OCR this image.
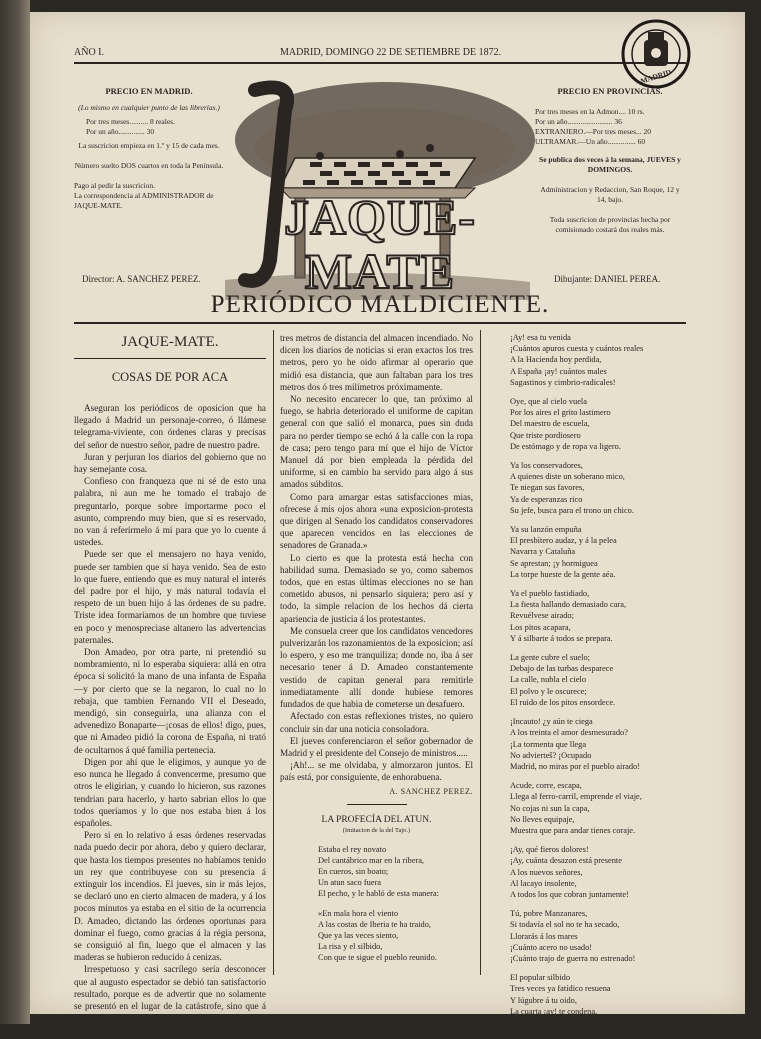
AÑO I.	MADRID, DOMINGO 22 DE SETIEMBRE DE 1872.
MADRID
PRECIO EN MADRID.
(Lo mismo en cualquier punto de las librerías.)
Por tres meses.......... 8 reales.
Por un año.............. 30
La suscricion empieza en 1.º y 15 de cada mes.
Número suelto DOS cuartos en toda la Península.
Pago al pedir la suscricion.
La correspondencia al ADMINISTRADOR de JAQUE-MATE.	JAQUE-MATE
PRECIO EN PROVINCIAS.
Por tres meses en la Admon.... 10 rs.
Por un año........................ 36
EXTRANJERO.—Por tres meses... 20
ULTRAMAR.—Un año............... 60
Se publica dos veces á la semana, JUEVES y DOMINGOS.
Administracion y Redaccion, San Roque, 12 y 14, bajo.
Toda suscricion de provincias hecha por comisionado costará dos reales más.
Director: A. SANCHEZ PEREZ.	Dibujante: DANIEL PEREA.
PERIÓDICO MALDICIENTE.
JAQUE-MATE.
COSAS DE POR ACA

Aseguran los periódicos de oposicion que ha llegado á Madrid un personaje-correo, ó llámese telegrama-viviente, con órdenes claras y precisas del señor de nuestro señor, padre de nuestro padre.

Juran y perjuran los diarios del gobierno que no hay semejante cosa.

Confieso con franqueza que ni sé de esto una palabra, ni aun me he tomado el trabajo de preguntarlo, porque sobre importarme poco el asunto, comprendo muy bien, que si es reservado, no van á referírmelo á mí para que yo lo cuente á ustedes.

Puede ser que el mensajero no haya venido, puede ser tambien que sí haya venido. Sea de esto lo que fuere, entiendo que es muy natural el interés del padre por el hijo, y más natural todavía el respeto de un buen hijo á las órdenes de su padre. Triste idea formaríamos de un hombre que tuviese en poco y menospreciase altanero las advertencias paternales.

Don Amadeo, por otra parte, ni pretendió su nombramiento, ni lo esperaba siquiera: allá en otra época si solicitó la mano de una infanta de España—y por cierto que se la negaron, lo cual no lo rebaja, que tambien Fernando VII el Deseado, mendigó, sin conseguirla, una alianza con el advenedizo Bonaparte—¡cosas de ellos! digo, pues, que ni Amadeo pidió la corona de España, ni trató de ocultarnos á qué familia pertenecia.

Digen por ahí que le eligimos, y aunque yo de eso nunca he llegado á convencerme, presumo que otros le eligirian, y cuando lo hicieron, sus razones tendrian para hacerlo, y harto sabrian ellos lo que todos queríamos y lo que nos estaba bien á los españoles.

Pero si en lo relativo á esas órdenes reservadas nada puedo decir por ahora, debo y quiero declarar, que hasta los tiempos presentes no habíamos tenido un rey que contribuyese con su presencia á extinguir los incendios. El jueves, sin ir más lejos, se declaró uno en cierto almacen de madera, y á los pocos minutos ya estaba en el sitio de la ocurrencia D. Amadeo, dictando las órdenes oportunas para dominar el fuego, como gracias á la régia persona, se consiguió al fin, luego que el almacen y las maderas se hubieron reducido á cenizas.

Irrespetuoso y casi sacrílego sería desconocer que al augusto espectador se debió tan satisfactorio resultado, porque es de advertir que no solamente se presentó en el lugar de la catástrofe, sino que á más de eso plantó sus augustos piés á

tres metros de distancia del almacen incendiado. No dicen los diarios de noticias si eran exactos los tres metros, pero yo he oido afirmar al operario que midió esa distancia, que aun faltaban para los tres metros dos ó tres milímetros próximamente.

No necesito encarecer lo que, tan próximo al fuego, se habria deteriorado el uniforme de capitan general con que salió el monarca, pues sin duda para no perder tiempo se echó á la calle con la ropa de casa; pero tengo para mí que el hijo de Víctor Manuel dá por bien empleada la pérdida del uniforme, si en cambio ha servido para algo á sus amados súbditos.

Como para amargar estas satisfacciones mias, ofrecese á mis ojos ahora «una exposicion-protesta que dirigen al Senado los candidatos conservadores que aparecen vencidos en las elecciones de senadores de Granada.»

Lo cierto es que la protesta está hecha con habilidad suma. Demasiado se yo, como sabemos todos, que en estas últimas elecciones no se han cometido abusos, ni pensarlo siquiera; pero así y todo, la simple relacion de los hechos dá cierta apariencia de justicia á los protestantes.

Me consuela creer que los candidatos vencedores pulverizarán los razonamientos de la exposicion; así lo espero, y eso me tranquiliza; donde no, iba á ser necesario tener á D. Amadeo constantemente vestido de capitan general para remitirle inmediatamente allí donde hubiese temores fundados de que habia de cometerse un desafuero.

Afectado con estas reflexiones tristes, no quiero concluir sin dar una noticia consoladora.

El jueves conferenciaron el señor gobernador de Madrid y el presidente del Consejo de ministros.....

¡Ah!... se me olvidaba, y almorzaron juntos. El país está, por consiguiente, de enhorabuena.

A. SANCHEZ PEREZ.
LA PROFECÍA DEL ATUN.
(Imitacion de la del Tajo.)

Estaba el rey novato

Del cantábrico mar en la ribera,

En cueros, sin boato;

Un atun saco fuera

El pecho, y le habló de esta manera:

«En mala hora el viento

A las costas de Iberia te ha traido,

Que ya las veces siento,

La risa y el silbido,

Con que te sigue el pueblo reunido.

¡Ay! esa tu venida

¡Cuántos apuros cuesta y cuántos reales

A la Hacienda hoy perdida,

A España ¡ay! cuántos males

Sagastinos y cimbrio-radicales!

Oye, que al cielo vuela

Por los aires el grito lastimero

Del maestro de escuela,

Que triste pordiosero

De estómago y de ropa va ligero.

Ya los conservadores,

A quienes diste un soberano mico,

Te niegan sus favores,

Ya de esperanzas rico

Su jefe, busca para el trono un chico.

Ya su lanzón empuña

El presbítero audaz, y á la pelea

Navarra y Cataluña

Se aprestan; ¡y hormiguea

La torpe hueste de la gente aéa.

Ya el pueblo fastidiado,

La fiesta hallando demasiado cara,

Revuélvese airado;

Los pitos acapara,

Y á silbarte á todos se prepara.

La gente cubre el suelo;

Debajo de las turbas desparece

La calle, nubla el cielo

El polvo y le oscurece;

El ruido de los pitos ensordece.

¡Incauto! ¿y aún te ciega

A los treinta el amor desmesurado?

¡La tormenta que llega

No advierteš? ¡Ocupado

Madrid, no miras por el pueblo airado!

Acude, corre, escapa,

Llega al ferro-carril, emprende el viaje,

No cojas ni sun la capa,

No lleves equipaje,

Muestra que para andar tienes coraje.

¡Ay, qué fieros dolores!

¡Ay, cuánta desazon está presente

A los nuevos señores,

Al lacayo insolente,

A todos los que cobran juntamente!

Tú, pobre Manzanares,

Si todavía el sol no te ha secado,

Llorarás á los mares

¡Cuánto acero no usado!

¡Cuánto trajo de guerra no estrenado!

El popular silbido

Tres veces ya fatídico resuena

Y lúgubre á tu oido,

La cuarta ¡ay! te condena,

Oh zascrino, á la irrision agena.

JUAN VALLEJO.
